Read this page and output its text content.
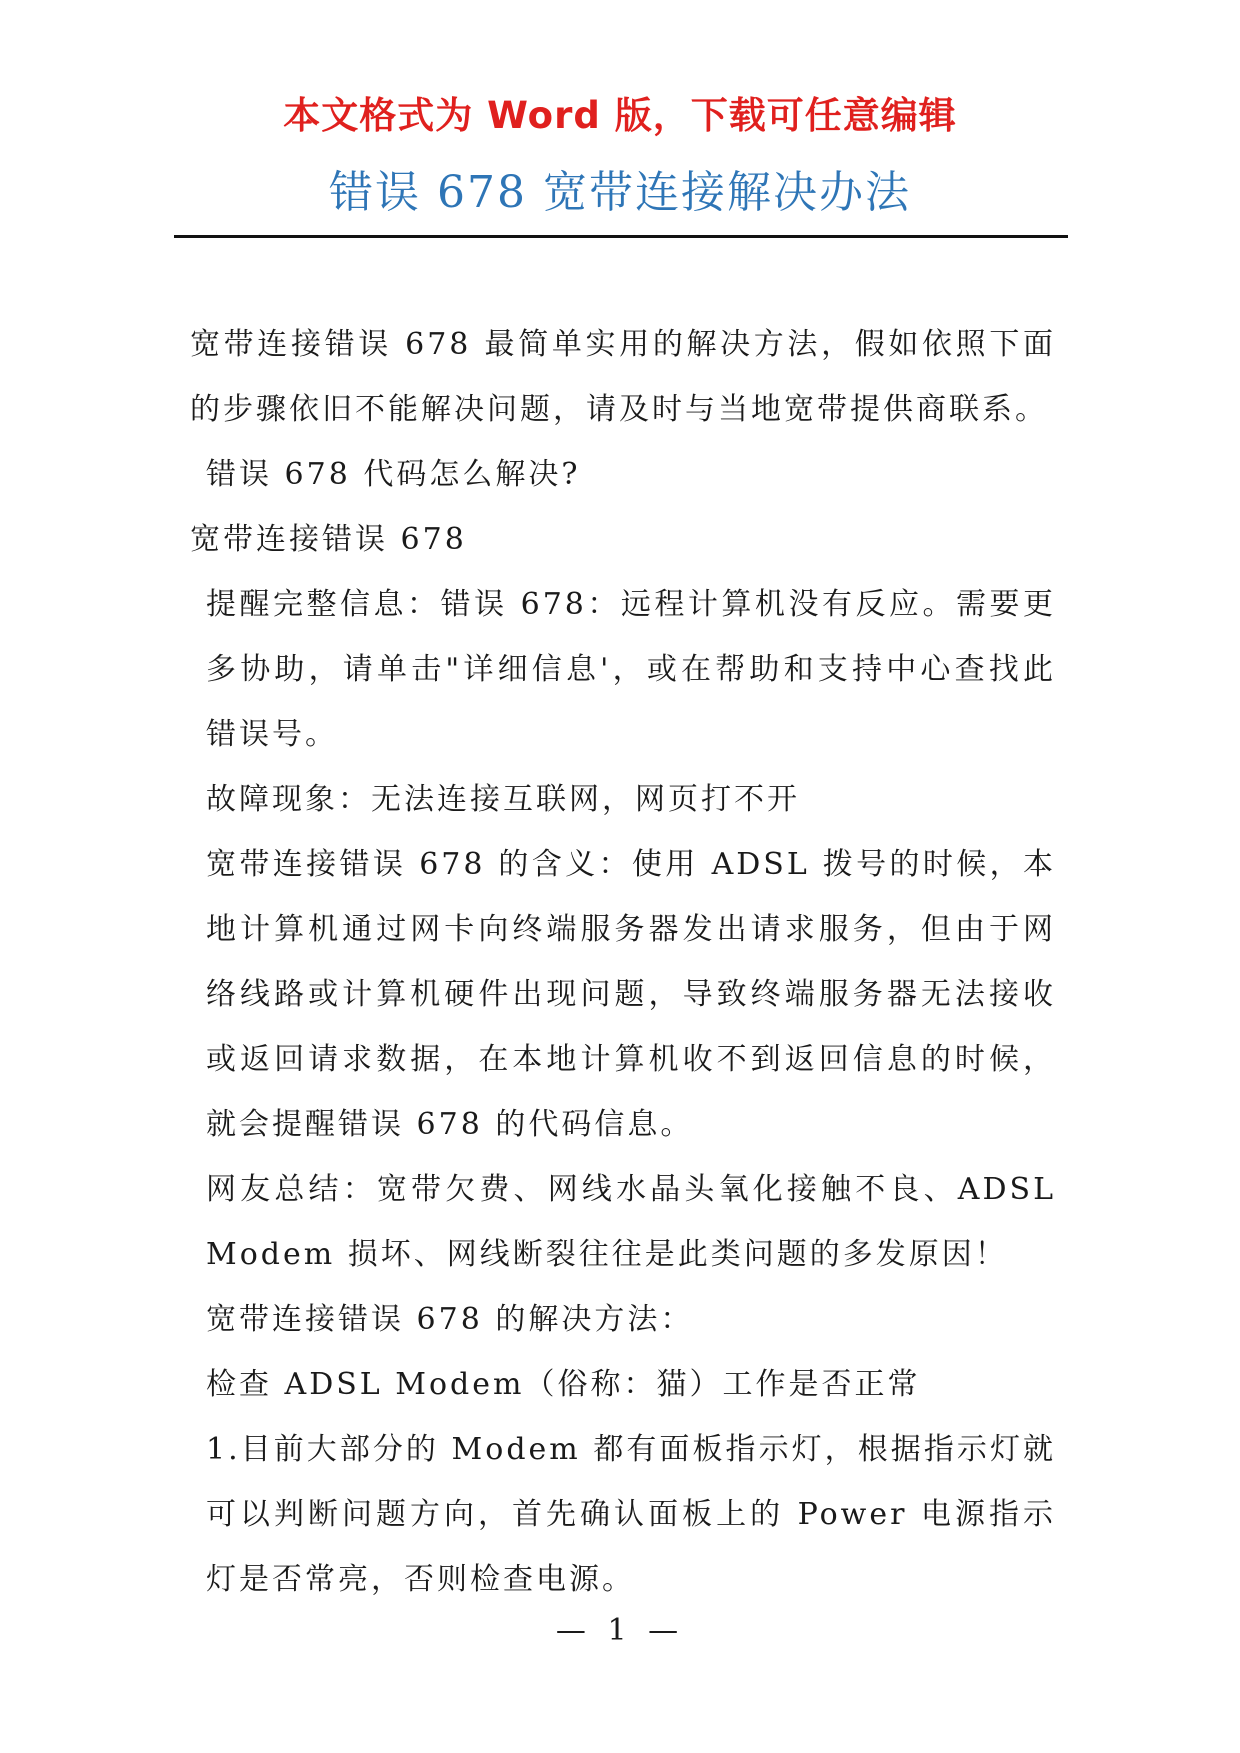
本文格式为 Word 版，下载可任意编辑
错误 678 宽带连接解决办法

宽带连接错误 678 最简单实用的解决方法，假如依照下面的步骤依旧不能解决问题，请及时与当地宽带提供商联系。

错误 678 代码怎么解决?

宽带连接错误 678

提醒完整信息：错误 678：远程计算机没有反应。需要更多协助，请单击"详细信息'，或在帮助和支持中心查找此错误号。

故障现象：无法连接互联网，网页打不开

宽带连接错误 678 的含义：使用 ADSL 拨号的时候，本地计算机通过网卡向终端服务器发出请求服务，但由于网络线路或计算机硬件出现问题，导致终端服务器无法接收或返回请求数据，在本地计算机收不到返回信息的时候，就会提醒错误 678 的代码信息。

网友总结：宽带欠费、网线水晶头氧化接触不良、ADSL Modem 损坏、网线断裂往往是此类问题的多发原因！

宽带连接错误 678 的解决方法：

检查 ADSL Modem（俗称：猫）工作是否正常

1.目前大部分的 Modem 都有面板指示灯，根据指示灯就可以判断问题方向，首先确认面板上的 Power 电源指示灯是否常亮，否则检查电源。

— 1 —
